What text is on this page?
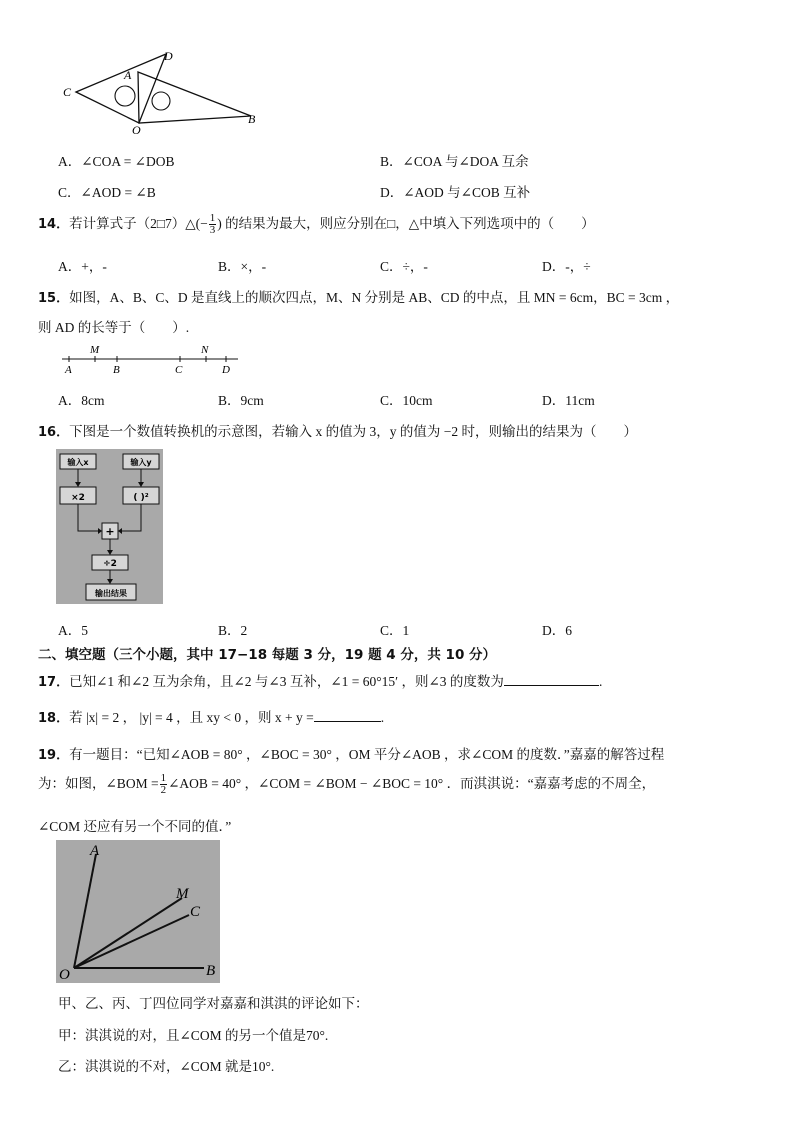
D
A
C
O
B
A．∠COA = ∠DOB	B．∠COA 与∠DOA 互余
C．∠AOD = ∠B	D．∠AOD 与∠COB 互补
14．若计算式子（2□7）△(− $\frac{1}{3}$ ) 的结果为最大，则应分别在□，△中填入下列选项中的（　　）
A．+，-	B．×，-	C．÷，-	D．-，÷
15．如图，A、B、C、D 是直线上的顺次四点，M、N 分别是 AB、CD 的中点，且 MN = 6cm，BC = 3cm ，
则 AD 的长等于（　　）.
M	N
A	B	C	D
A．8cm	B．9cm	C．10cm	D．11cm
16．下图是一个数值转换机的示意图，若输入 x 的值为 3，y 的值为 −2 时，则输出的结果为（　　）
输入x	输入y
×2	( )²
+
÷2
输出结果
A．5	B．2	C．1	D．6
二、填空题（三个小题，其中 17−18 每题 3 分，19 题 4 分，共 10 分）
17．已知∠1 和∠2 互为余角，且∠2 与∠3 互补，∠1 = 60°15′ ，则∠3 的度数为	.
18．若 |x| = 2 ， |y| = 4 ，且 xy < 0 ，则 x + y =	.
19．有一题目：“已知∠AOB = 80° ，∠BOC = 30° ，OM 平分∠AOB ，求∠COM 的度数．”嘉嘉的解答过程
为：如图，∠BOM = $\frac{1}{2}$ ∠AOB = 40° ，∠COM = ∠BOM − ∠BOC = 10° ．而淇淇说：“嘉嘉考虑的不周全，
∠COM 还应有另一个不同的值．”
A
M
C
O	B
甲、乙、丙、丁四位同学对嘉嘉和淇淇的评论如下：
甲：淇淇说的对，且∠COM 的另一个值是70°.
乙：淇淇说的不对，∠COM 就是10°.
